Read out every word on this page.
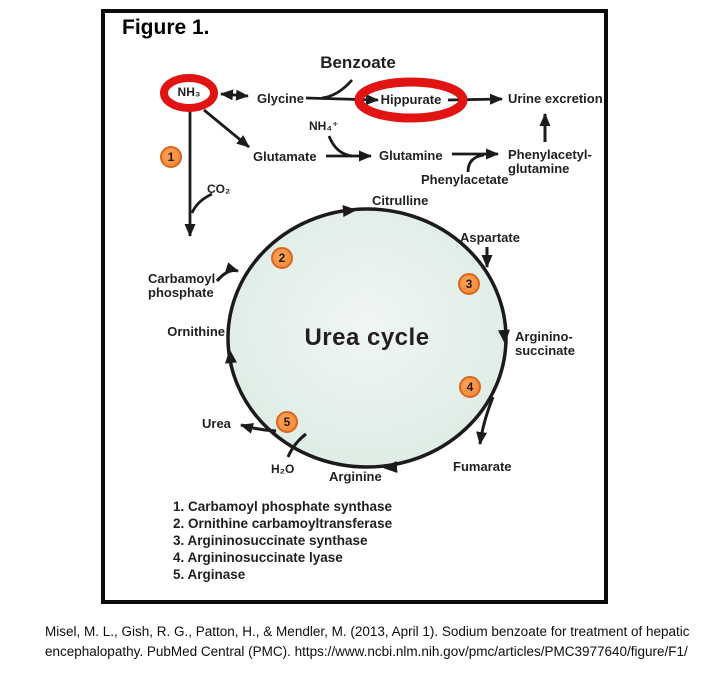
Figure 1.
Benzoate
NH₃	Glycine	Hippurate	Urine excretion
NH₄⁺
Glutamate	Glutamine	Phenylacetyl-
glutamine
Phenylacetate
CO₂
Citrulline
Aspartate
Arginino-
succinate
Fumarate
Arginine
H₂O
Urea
Ornithine
Carbamoyl
phosphate
Urea cycle
1
2
3
4
5
1. Carbamoyl phosphate synthase
2. Ornithine carbamoyltransferase
3. Argininosuccinate synthase
4. Argininosuccinate lyase
5. Arginase
Misel, M. L., Gish, R. G., Patton, H., & Mendler, M. (2013, April 1). Sodium benzoate for treatment of hepatic
encephalopathy. PubMed Central (PMC). https://www.ncbi.nlm.nih.gov/pmc/articles/PMC3977640/figure/F1/
